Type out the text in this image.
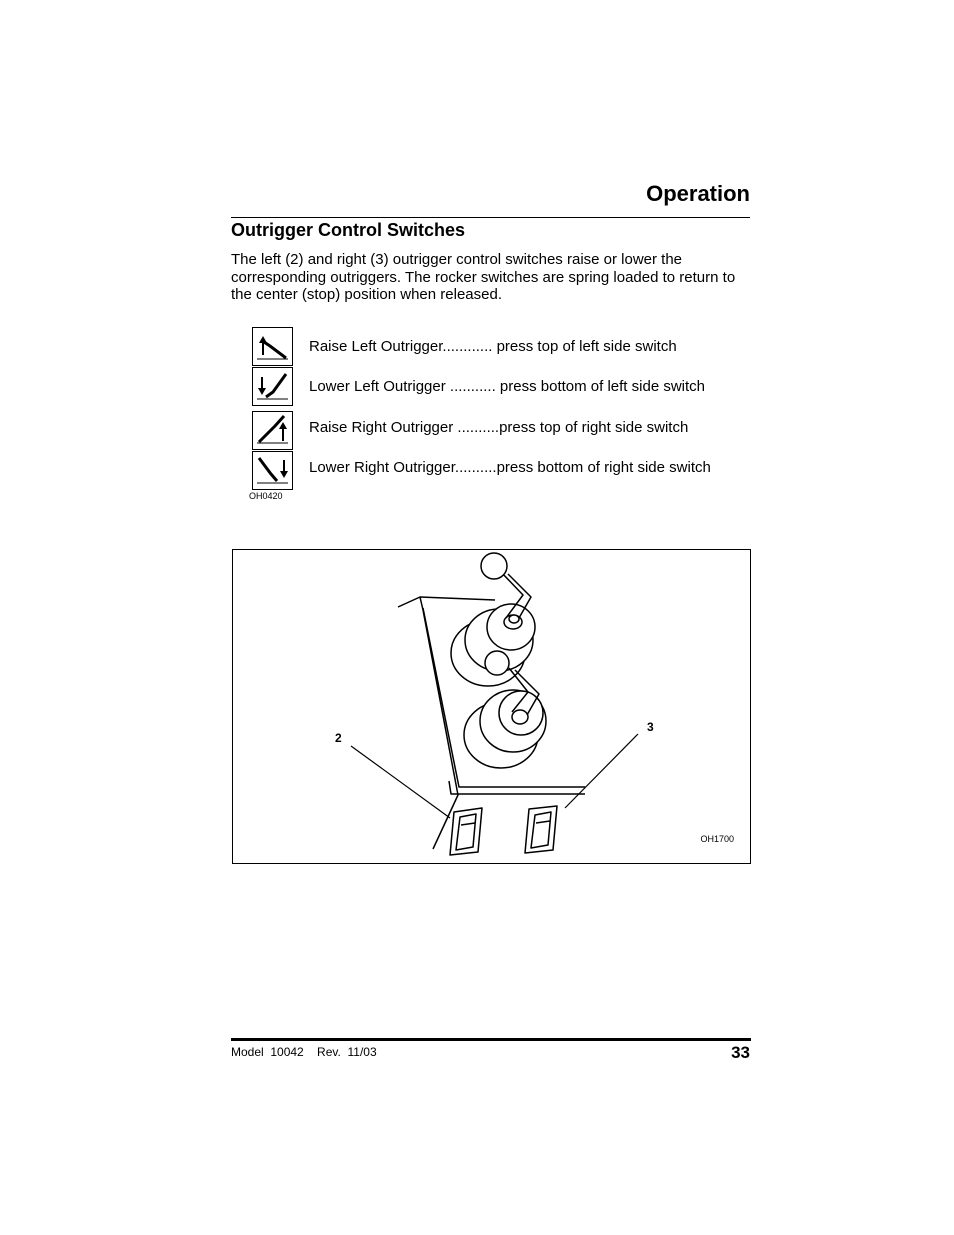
Operation
Outrigger Control Switches
The left (2) and right (3) outrigger control switches raise or lower the corresponding outriggers. The rocker switches are spring loaded to return to the center (stop) position when released.
Raise Left Outrigger............ press top of left side switch
Lower Left Outrigger ........... press bottom of left side switch
Raise Right Outrigger ..........press top of right side switch
Lower Right Outrigger..........press bottom of right side switch
OH0420
2
3
OH1700
Model  10042    Rev.  11/03	33
